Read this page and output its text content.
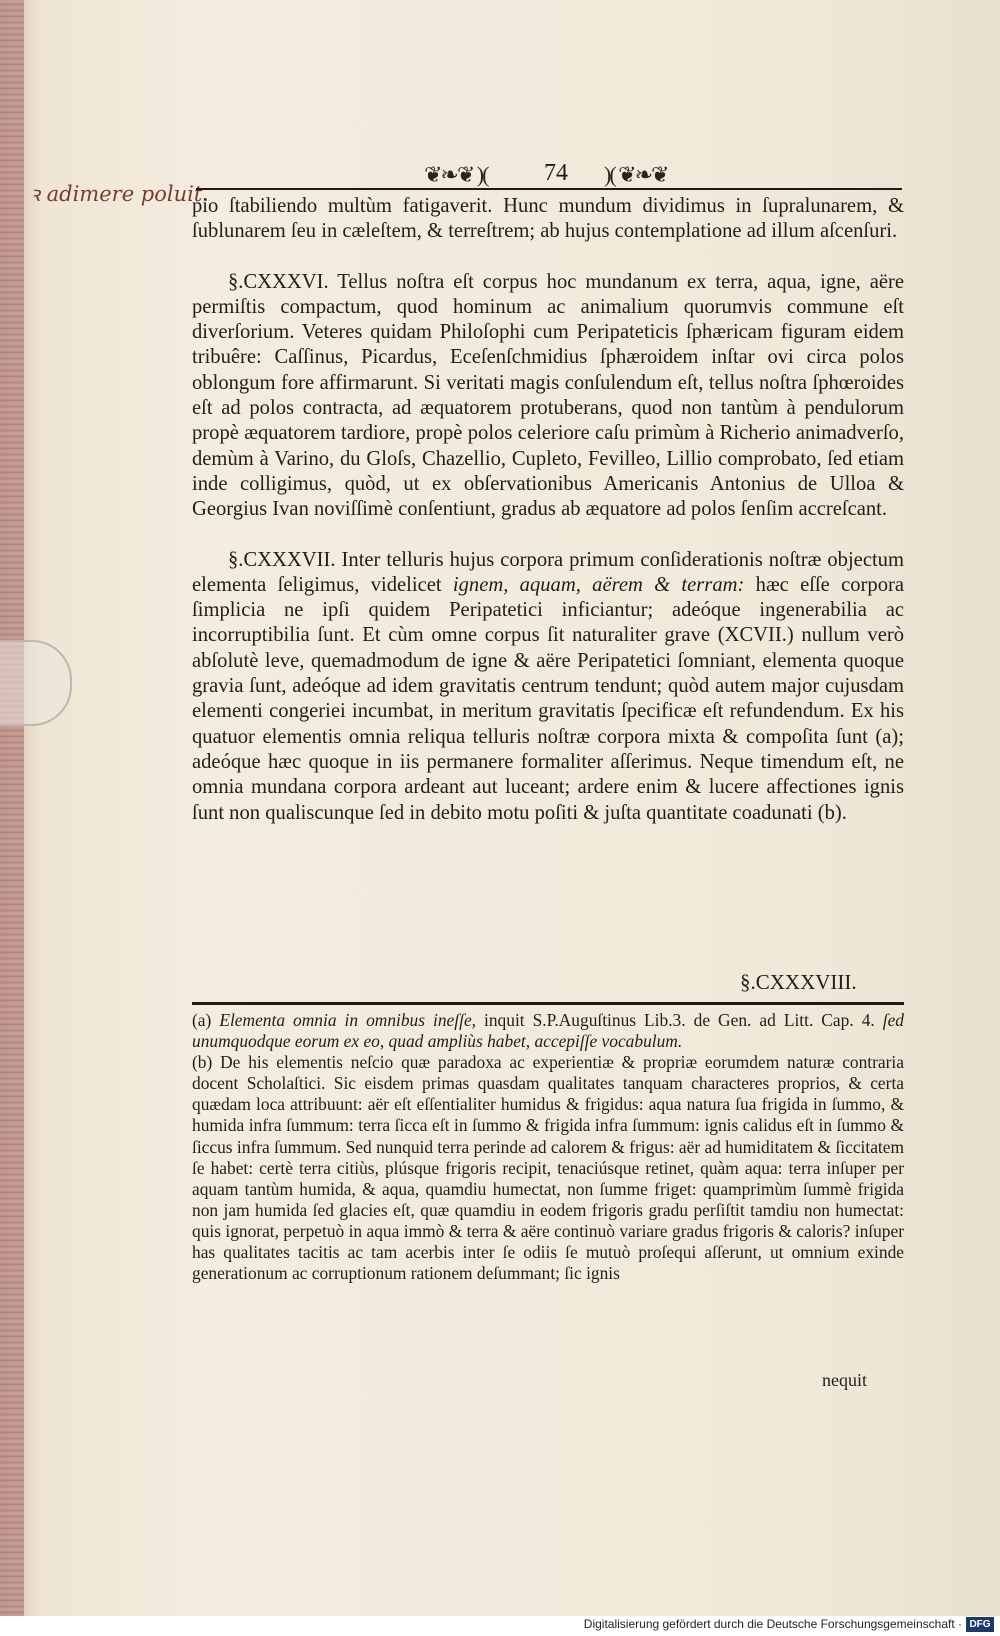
ꝛ adimere poluit.
❦❧❦ )( 74 )( ❦❧❦

pio ſtabiliendo multùm fatigaverit. Hunc mundum dividimus in ſupralunarem, & ſublunarem ſeu in cæleſtem, & terreſtrem; ab hujus contemplatione ad illum aſcenſuri.

§.CXXXVI. Tellus noſtra eſt corpus hoc mundanum ex terra, aqua, igne, aëre permiſtis compactum, quod hominum ac animalium quorumvis commune eſt diverſorium. Veteres quidam Philoſophi cum Peripateticis ſphæricam figuram eidem tribuêre: Caſſinus, Picardus, Eceſenſchmidius ſphæroidem inſtar ovi circa polos oblongum fore affirmarunt. Si veritati magis conſulendum eſt, tellus noſtra ſphœroides eſt ad polos contracta, ad æquatorem protuberans, quod non tantùm à pendulorum propè æquatorem tardiore, propè polos celeriore caſu primùm à Richerio animadverſo, demùm à Varino, du Gloſs, Chazellio, Cupleto, Fevilleo, Lillio comprobato, ſed etiam inde colligimus, quòd, ut ex obſervationibus Americanis Antonius de Ulloa & Georgius Ivan noviſſimè conſentiunt, gradus ab æquatore ad polos ſenſim accreſcant.

§.CXXXVII. Inter telluris hujus corpora primum conſiderationis noſtræ objectum elementa ſeligimus, videlicet ignem, aquam, aërem & terram: hæc eſſe corpora ſimplicia ne ipſi quidem Peripatetici inficiantur; adeóque ingenerabilia ac incorruptibilia ſunt. Et cùm omne corpus ſit naturaliter grave (XCVII.) nullum verò abſolutè leve, quemadmodum de igne & aëre Peripatetici ſomniant, elementa quoque gravia ſunt, adeóque ad idem gravitatis centrum tendunt; quòd autem major cujusdam elementi congeriei incumbat, in meritum gravitatis ſpecificæ eſt refundendum. Ex his quatuor elementis omnia reliqua telluris noſtræ corpora mixta & compoſita ſunt (a); adeóque hæc quoque in iis permanere formaliter aſſerimus. Neque timendum eſt, ne omnia mundana corpora ardeant aut luceant; ardere enim & lucere affectiones ignis ſunt non qualiscunque ſed in debito motu poſiti & juſta quantitate coadunati (b).

§.CXXXVIII.

(a) Elementa omnia in omnibus ineſſe, inquit S.P.Auguſtinus Lib.3. de Gen. ad Litt. Cap. 4. ſed unumquodque eorum ex eo, quad ampliùs habet, accepiſſe vocabulum.

(b) De his elementis neſcio quæ paradoxa ac experientiæ & propriæ eorumdem naturæ contraria docent Scholaſtici. Sic eisdem primas quasdam qualitates tanquam characteres proprios, & certa quædam loca attribuunt: aër eſt eſſentialiter humidus & frigidus: aqua natura ſua frigida in ſummo, & humida infra ſummum: terra ſicca eſt in ſummo & frigida infra ſummum: ignis calidus eſt in ſummo & ſiccus infra ſummum. Sed nunquid terra perinde ad calorem & frigus: aër ad humiditatem & ſiccitatem ſe habet: certè terra citiùs, plúsque frigoris recipit, tenaciúsque retinet, quàm aqua: terra inſuper per aquam tantùm humida, & aqua, quamdiu humectat, non ſumme friget: quamprimùm ſummè frigida non jam humida ſed glacies eſt, quæ quamdiu in eodem frigoris gradu perſiſtit tamdiu non humectat: quis ignorat, perpetuò in aqua immò & terra & aëre continuò variare gradus frigoris & caloris? inſuper has qualitates tacitis ac tam acerbis inter ſe odiis ſe mutuò proſequi aſſerunt, ut omnium exinde generationum ac corruptionum rationem deſummant; ſic ignis

nequit
Digitalisierung gefördert durch die Deutsche Forschungsgemeinschaft · DFG
